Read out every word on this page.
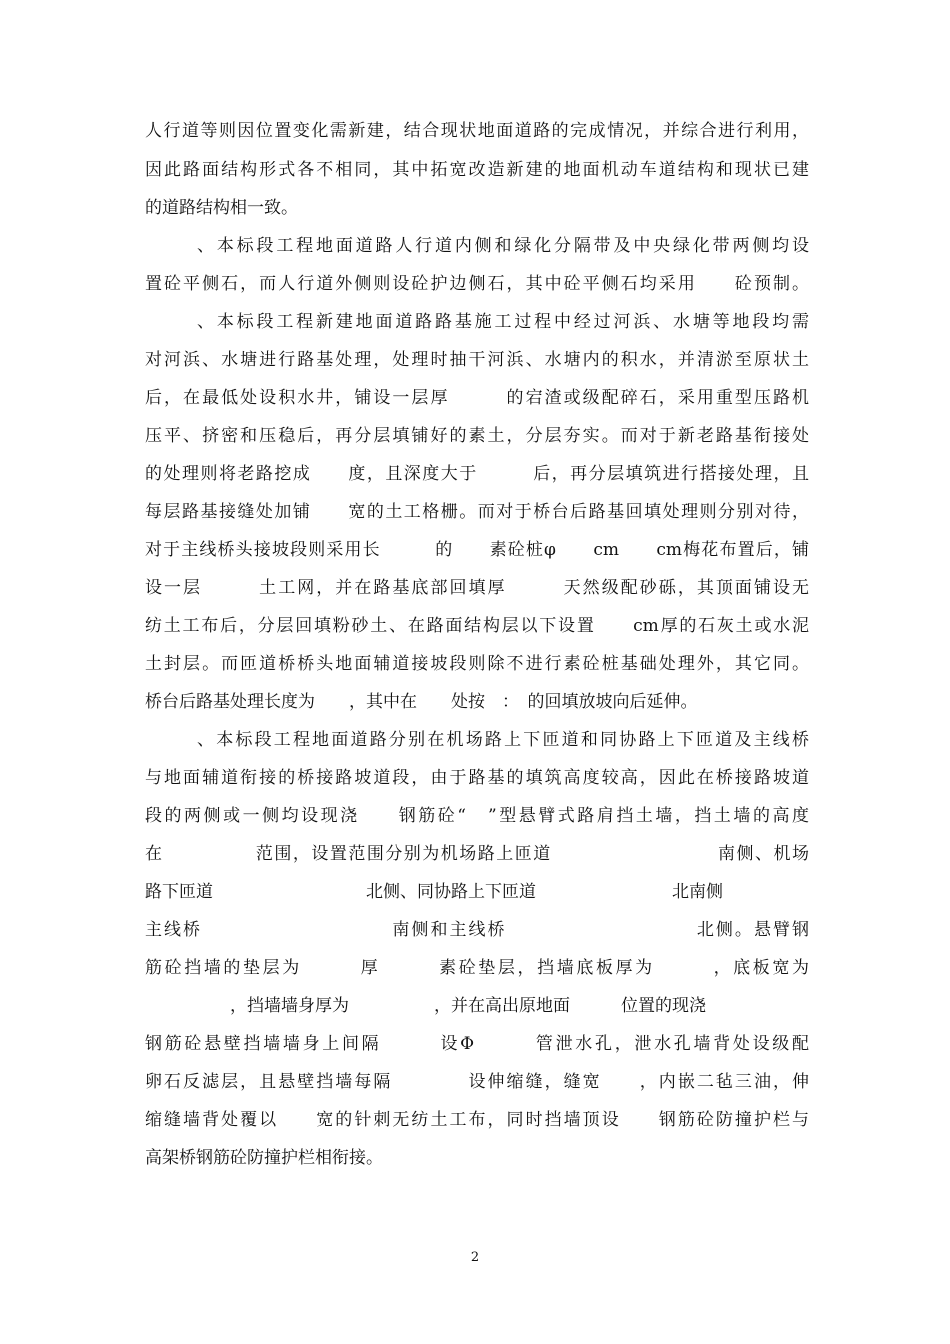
人行道等则因位置变化需新建，结合现状地面道路的完成情况，并综合进行利用，
因此路面结构形式各不相同，其中拓宽改造新建的地面机动车道结构和现状已建
的道路结构相一致。
、本标段工程地面道路人行道内侧和绿化分隔带及中央绿化带两侧均设
置砼平侧石，而人行道外侧则设砼护边侧石，其中砼平侧石均采用　　砼预制。
、本标段工程新建地面道路路基施工过程中经过河浜、水塘等地段均需
对河浜、水塘进行路基处理，处理时抽干河浜、水塘内的积水，并清淤至原状土
后，在最低处设积水井，铺设一层厚　　　的宕渣或级配碎石，采用重型压路机
压平、挤密和压稳后，再分层填铺好的素土，分层夯实。而对于新老路基衔接处
的处理则将老路挖成　　度，且深度大于　　　后，再分层填筑进行搭接处理，且
每层路基接缝处加铺　　宽的土工格栅。而对于桥台后路基回填处理则分别对待，
对于主线桥头接坡段则采用长　　　的　　素砼桩φ　　cm　　cm梅花布置后，铺
设一层　　　土工网，并在路基底部回填厚　　　天然级配砂砾，其顶面铺设无
纺土工布后，分层回填粉砂土、在路面结构层以下设置　　cm厚的石灰土或水泥
土封层。而匝道桥桥头地面辅道接坡段则除不进行素砼桩基础处理外，其它同。
桥台后路基处理长度为　　，其中在　　处按　：　的回填放坡向后延伸。
、本标段工程地面道路分别在机场路上下匝道和同协路上下匝道及主线桥
与地面辅道衔接的桥接路坡道段，由于路基的填筑高度较高，因此在桥接路坡道
段的两侧或一侧均设现浇　　钢筋砼“　”型悬臂式路肩挡土墙，挡土墙的高度
在　　　　　范围，设置范围分别为机场路上匝道　　　　　　　　　南侧、机场
路下匝道　　　　　　　　　北侧、同协路上下匝道　　　　　　　　北南侧
主线桥　　　　　　　　　　南侧和主线桥　　　　　　　　　　北侧。悬臂钢
筋砼挡墙的垫层为　　　厚　　　素砼垫层，挡墙底板厚为　　　，底板宽为
　　　　　，挡墙墙身厚为　　　　　，并在高出原地面　　　位置的现浇
钢筋砼悬壁挡墙墙身上间隔　　　设Φ　　　管泄水孔，泄水孔墙背处设级配
卵石反滤层，且悬壁挡墙每隔　　　　设伸缩缝，缝宽　　，内嵌二毡三油，伸
缩缝墙背处覆以　　宽的针刺无纺土工布，同时挡墙顶设　　钢筋砼防撞护栏与
高架桥钢筋砼防撞护栏相衔接。
2
